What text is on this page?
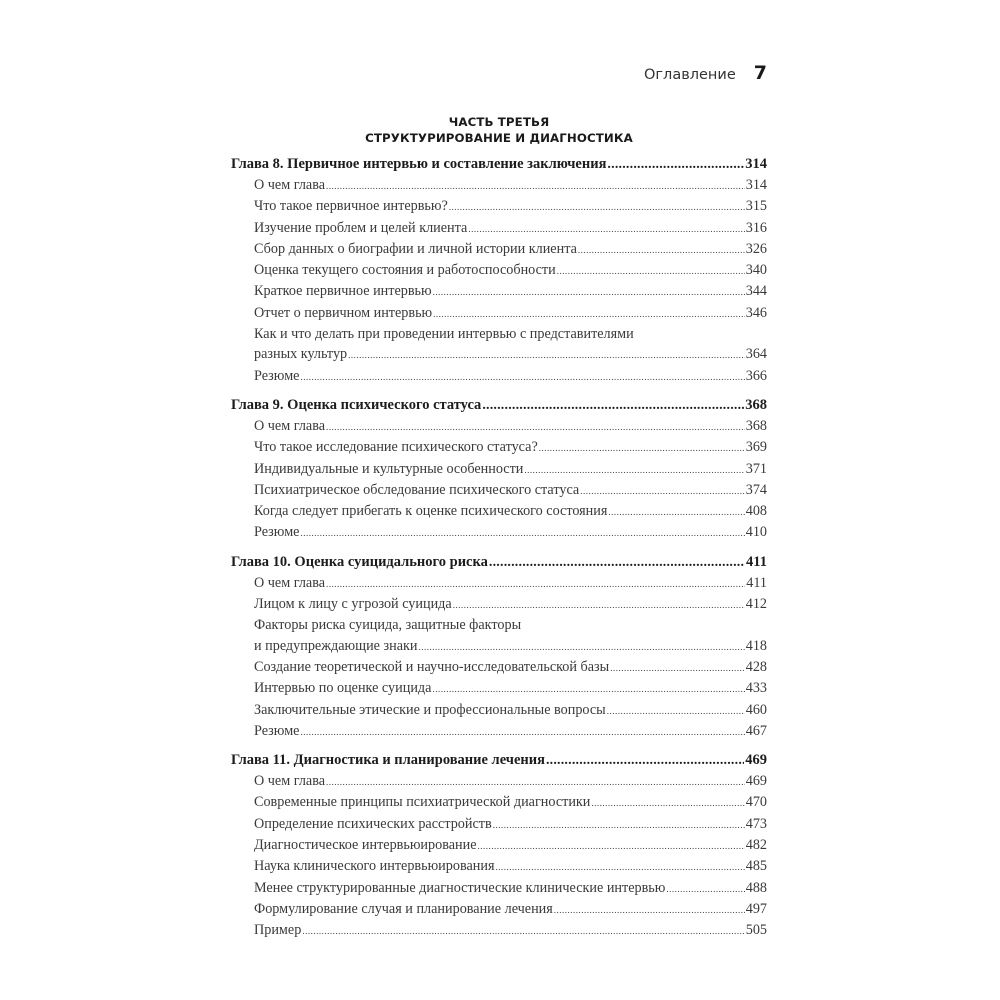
Оглавление 7
ЧАСТЬ ТРЕТЬЯ
СТРУКТУРИРОВАНИЕ И ДИАГНОСТИКА
Глава 8. Первичное интервью и составление заключения .....	314
О чем глава .....	314
Что такое первичное интервью? .....	315
Изучение проблем и целей клиента .....	316
Сбор данных о биографии и личной истории клиента .....	326
Оценка текущего состояния и работоспособности .....	340
Краткое первичное интервью .....	344
Отчет о первичном интервью .....	346
Как и что делать при проведении интервью с представителями
разных культур .....	364
Резюме .....	366
Глава 9. Оценка психического статуса .....	368
О чем глава .....	368
Что такое исследование психического статуса? .....	369
Индивидуальные и культурные особенности .....	371
Психиатрическое обследование психического статуса .....	374
Когда следует прибегать к оценке психического состояния .....	408
Резюме .....	410
Глава 10. Оценка суицидального риска .....	411
О чем глава .....	411
Лицом к лицу с угрозой суицида .....	412
Факторы риска суицида, защитные факторы
и предупреждающие знаки .....	418
Создание теоретической и научно-исследовательской базы .....	428
Интервью по оценке суицида .....	433
Заключительные этические и профессиональные вопросы .....	460
Резюме .....	467
Глава 11. Диагностика и планирование лечения .....	469
О чем глава .....	469
Современные принципы психиатрической диагностики .....	470
Определение психических расстройств .....	473
Диагностическое интервьюирование .....	482
Наука клинического интервьюирования .....	485
Менее структурированные диагностические клинические интервью .....	488
Формулирование случая и планирование лечения .....	497
Пример .....	505
